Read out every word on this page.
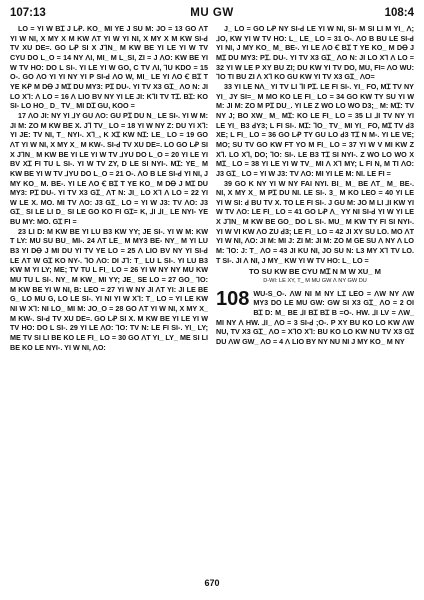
107:13	MU GW	108:4

LO = YI W BꞮ J LꝒ. KO_ MI YE J SU M: JO = 13 GO ꓥT YI W NI, X MY X M KW ꓥT YI W YI NI, X MY X M KW SI-ꓒ TV XU DE=. GO LꝒ SI X J⅂N_ M KW BE YI LE YI W TV CYU DO L_O = 14 NY ꓥI, MI_ M L_SI, ZI = J ꓥO: KW BE YI W TV HO: DO L SI-. YI LE YI W GO, C TV ꓥI, ⅂U KDO = 15 O-. GO ꓥO YI YI NY YI P SI-ꓒ ꓥO W, MI_ LE YI ꓥO Ꞓ BꞮ T YE KꝒ M DꝊ J MꞮ DU MY3: PꞮ DU-. YI TV X3 GꞮ_ ꓥO N: JI LO X⅂: ꓥ LO = 16 ꓥ LIO BV NY YI LE JI: K⅂I TV TꞮ. BꞮ: KO SI- LO HO_ D_ TV_ MI DꞮ GU, KOO =

17 ꓥO JI: NY YI ⅃Y GU ꓥO: GU PꞮ DU N_ LE SI-. YI W M: JI M: ZO M KW BE X. J⅂ TV_ LO = 18 YI W NY Z: DU YI X⅂: YI JE: TV NI, T_ NYI-. X⅂_, K XꞮ KW NꞮ: LE_ LO = 19 GO ꓥT YI W NI, X MY X_ M KW-. SI-ꓒ TV XU DE=. LO GO LꝒ SI X J⅂N_ M KW BE YI LE YI W TV ⅃YU DO L_O = 20 YI LE YI BV XꞮ FI TU L SI-. YI W TV ZY, D LE SI NYI-. MꞮ: YE_ M KW BE YI W TV ⅃YU DO L_O = 21 O-. ꓥO B LE SI-ꓒ YI NI, J MY KO_ M. BE-. YI LE ꓥO Ꞓ BꞮ T YE KO_ M DꝊ J MꞮ DU MY3: PꞮ DU-. YI TV X3 GꞮ_ ꓥT N: JI_ LO X⅂ ꓥ LO = 22 YI W LE X. MO. MI TV ꓥO: J3 GꞮ_ LO = YI W J3: TV ꓥO: J3 GꞮ_ SI LE LI D_ SI LE GO KO FI GꞮ= K, ⅃I ⅃I_ LE NYI- YE BU MY: MO. GꞮ FI =

23 LI D: M KW BE YI LU B3 KW YY; JE SI-. YI W M: KW T LY: MU SU BU_ MI-. 24 ꓥT LE_ M MY3 BE- NY_ M YI LU B3 YI DꝊ J MI DU YI TV YE LO = 25 ꓥ LIO BV NY YI SI-ꓒ LE ꓥT W GꞮ KO NY-. ⅂O ꓥO: DI J⅂: T_ LU L SI-. YI LU B3 KW M YI LY; ME; TV TU L FI_ LO = 26 YI W NY NY MU KW MU TU L SI-. NY_ M KW_ MI YY; JE_ SE LO = 27 GO_ ⅂O: M KW BE YI W NI, B: LEO = 27 YI W NY JI ꓥT YI: JI LE BE G_ LO MU G, LO LE SI-. YI NI YI W X⅂: T_ LO = YI LE KW NI W X⅂: NI LO_ MI M: JO_O = 28 GO ꓥT YI W NI, X MY X_ M KW-. SI-ꓒ TV XU DE=. GO LꝒ SI X. M KW BE YI LE YI W TV HO: DO L SI-. 29 YI LE ꓥO: ⅂O: TV N: LE FI SI-. YI_ LY; ME TV SI LI BE KO LE FI_ LO = 30 GO ꓥT YI_ LY_ ME SI LI BE KO LE NYI-. YI W NI, ꓥO:

J_ LO = GO LꝒ NY SI-ꓒ LE YI W NI, SI- M SI LI M YI_ ꓥ; ⅃O, KW YI W TV HO: L_ LE_ LO = 31 O-. ꓥO B BU LE SI-ꓒ YI NI, J MY KO_ M_ BE-. YI LE ꓥO Ꞓ BꞮ T YE KO_ M DꝊ J MꞮ DU MY3: PꞮ. DU-. YI TV X3 GꞮ_ ꓥO N: JI LO X⅂ ꓥ LO = 32 YI W LE P XY BU ZI; DU KW YI TV DO, MU, FI= ꓥO WU: ⅂O TI BU ZI ꓥ X⅂ KO GU KW YI TV X3 GꞮ_ ꓥO=

33 YI LE Nꓥ_ YI TV LI ⅂I PꞮ. LE FI SI-. YI_ FO, MꞮ TV NY YI_ JY SI=_ M MO KO LE FI_ LO = 34 GO KW TY SU YI W M: JI M: ZO M PꞮ DU_. YI LE Z WO LO WO D3;_ M: MꞮ: TV NY J; BO XW_ M_ MꞮ: KO LE FI_ LO = 35 LI ⅃I TV NY YI LE YI_ B3 ꓒY3; L FI SI-. MꞮ: ⅂O_ TV_ MI YI_ FO, MꞮ TV ꓒ3 XE; L FI_ LO = 36 GO LꝒ TY GU LO ꓒ3 TꞮ N M-. YI LE VE; MO; SU TV GO KW FT YO M FI_ LO = 37 YI W V MI KW Z X⅂. LO X⅂, DO; ⅂O: SI-. LE B3 TꞮ SI NYI-. Z WO LO WO X MꞮ_ LO = 38 YI LE YI W TV_ MI ꓥ X⅂ MY; L FI N, M TI ꓥO: J3 GꞮ_ LO = YI W J3: TV ꓥO: MI YI LE M: NI. LE FI =

39 GO K NY YI W NY FAI NYI. BI_ M_ BE ꓥT_ M_ BE-. NI, X MY X_ M PꞮ DU NI. LE SI-. 3_ M KO LEO = 40 YI LE YI W SI: ꓒ BU TV X. TO LE FI SI-. J GU M: JO M LI ⅃I KW YI W TV ꓥO: LE FI_ LO = 41 GO LꝒ ꓥ_ YY NI SI-ꓒ YI W YI LE X J⅂N_ M KW BE GO_ DO L SI-. MU_ M KW TY FI SI NYI-. YI W VI KW ꓥO ZU ꓒ3; LE FI_ LO = 42 JI XY SU LO. MO ꓥT YI W NI, ꓥO: JI M: MI J: ZI M: JI M: ZO M GE SU ꓥ NY ꓥ LO M: ⅂O: J: T_ ꓥO = 43 JI KU NI, JO SU N: L3 MY X⅂ TV LO. T SI-. JI ꓥ NI, J MY_ KW YI W TV HO: L_ LO =

TO SU KW BE CYU MꞮ N M W XU_ M

D-WI: LE XY, T_ M MU GW ꓥ NY GW DU

108 WU-S_O-. ꓥW NI M NY LꞮ LEO = ꓥW NY ꓥW MY3 DO LE MU GW: GW SI X3 GꞮ_ ꓥO = 2 OI BꞮ D: M_ BE ⅃I BꞮ BꞮ B =O-. HW. ⅃I LV = ꓥW_ MI NY ꓥ HW. ⅃I_ ꓥO = 3 SI-ꓒ ;O-. P XY BU KO LO KW ꓥW NU, TV X3 GꞮ_ ꓥO = X⅂O X⅂: BU KO LO KW NU TV X3 GꞮ DU ꓥW GW_ ꓥO = 4 ꓥ LIO BY NY NU NI J MY KO_ M NY

670
